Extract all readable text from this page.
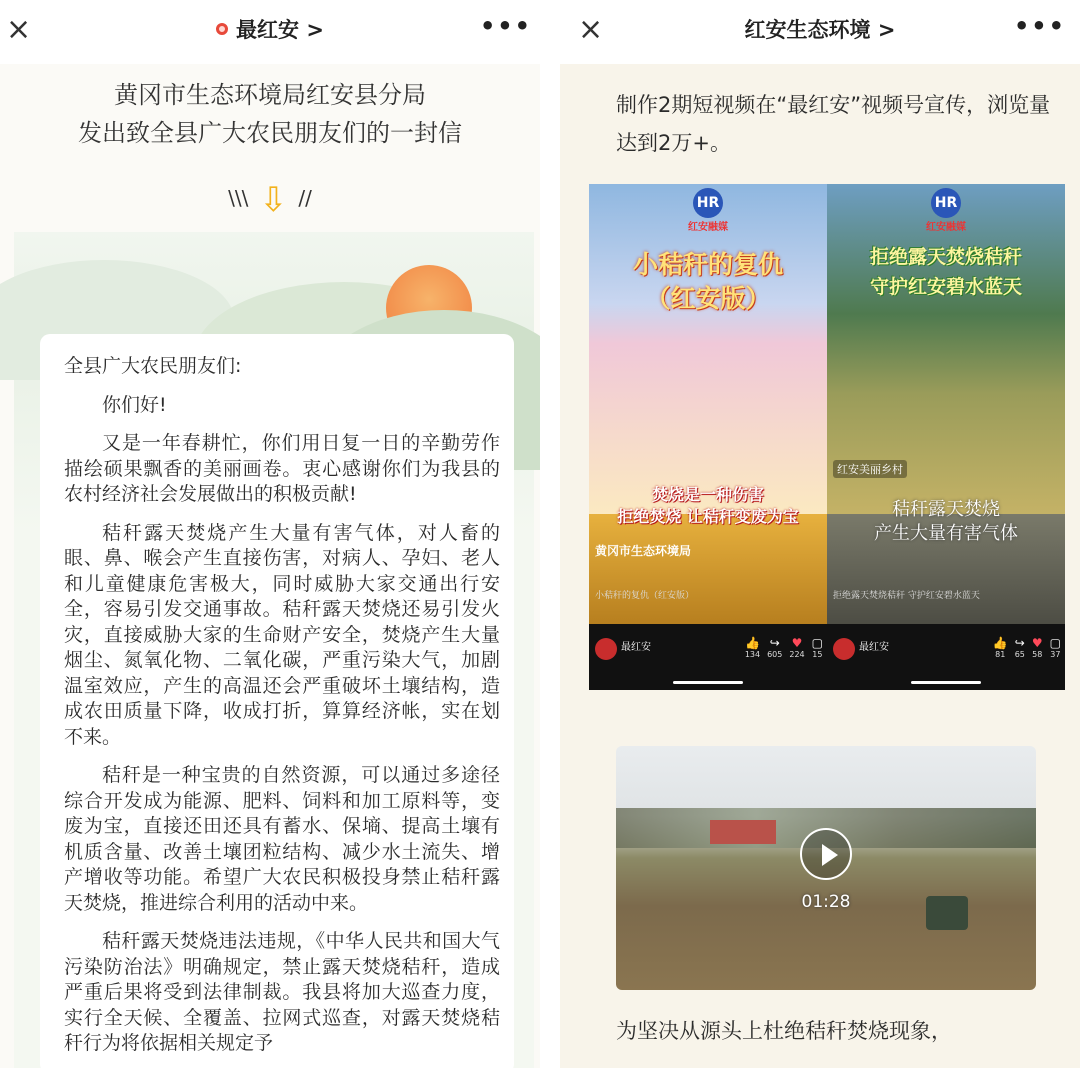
×	最红安 >	•••
黄冈市生态环境局红安县分局
发出致全县广大农民朋友们的一封信
\\\ ⇩ //

全县广大农民朋友们:

你们好!

又是一年春耕忙，你们用日复一日的辛勤劳作描绘硕果飘香的美丽画卷。衷心感谢你们为我县的农村经济社会发展做出的积极贡献!

秸秆露天焚烧产生大量有害气体，对人畜的眼、鼻、喉会产生直接伤害，对病人、孕妇、老人和儿童健康危害极大，同时威胁大家交通出行安全，容易引发交通事故。秸秆露天焚烧还易引发火灾，直接威胁大家的生命财产安全，焚烧产生大量烟尘、氮氧化物、二氧化碳，严重污染大气，加剧温室效应，产生的高温还会严重破坏土壤结构，造成农田质量下降，收成打折，算算经济帐，实在划不来。

秸秆是一种宝贵的自然资源，可以通过多途径综合开发成为能源、肥料、饲料和加工原料等，变废为宝，直接还田还具有蓄水、保墒、提高土壤有机质含量、改善土壤团粒结构、减少水土流失、增产增收等功能。希望广大农民积极投身禁止秸秆露天焚烧，推进综合利用的活动中来。

秸秆露天焚烧违法违规，《中华人民共和国大气污染防治法》明确规定，禁止露天焚烧秸秆，造成严重后果将受到法律制裁。我县将加大巡查力度，实行全天候、全覆盖、拉网式巡查，对露天焚烧秸秆行为将依据相关规定予

×	红安生态环境 >	•••
制作2期短视频在“最红安”视频号宣传，浏览量达到2万+。
为坚决从源头上杜绝秸秆焚烧现象，
HR
红安融媒
小秸秆的复仇
（红安版）
焚烧是一种伤害
拒绝焚烧 让秸秆变废为宝
黄冈市生态环境局
小秸秆的复仇（红安版）
最红安	👍
134
↪
605
♥
224
▢
15
HR
红安融媒
拒绝露天焚烧秸秆
守护红安碧水蓝天
红安美丽乡村
秸秆露天焚烧
产生大量有害气体
拒绝露天焚烧秸秆 守护红安碧水蓝天
最红安	👍
81
↪
65
♥
58
▢
37
01:28
